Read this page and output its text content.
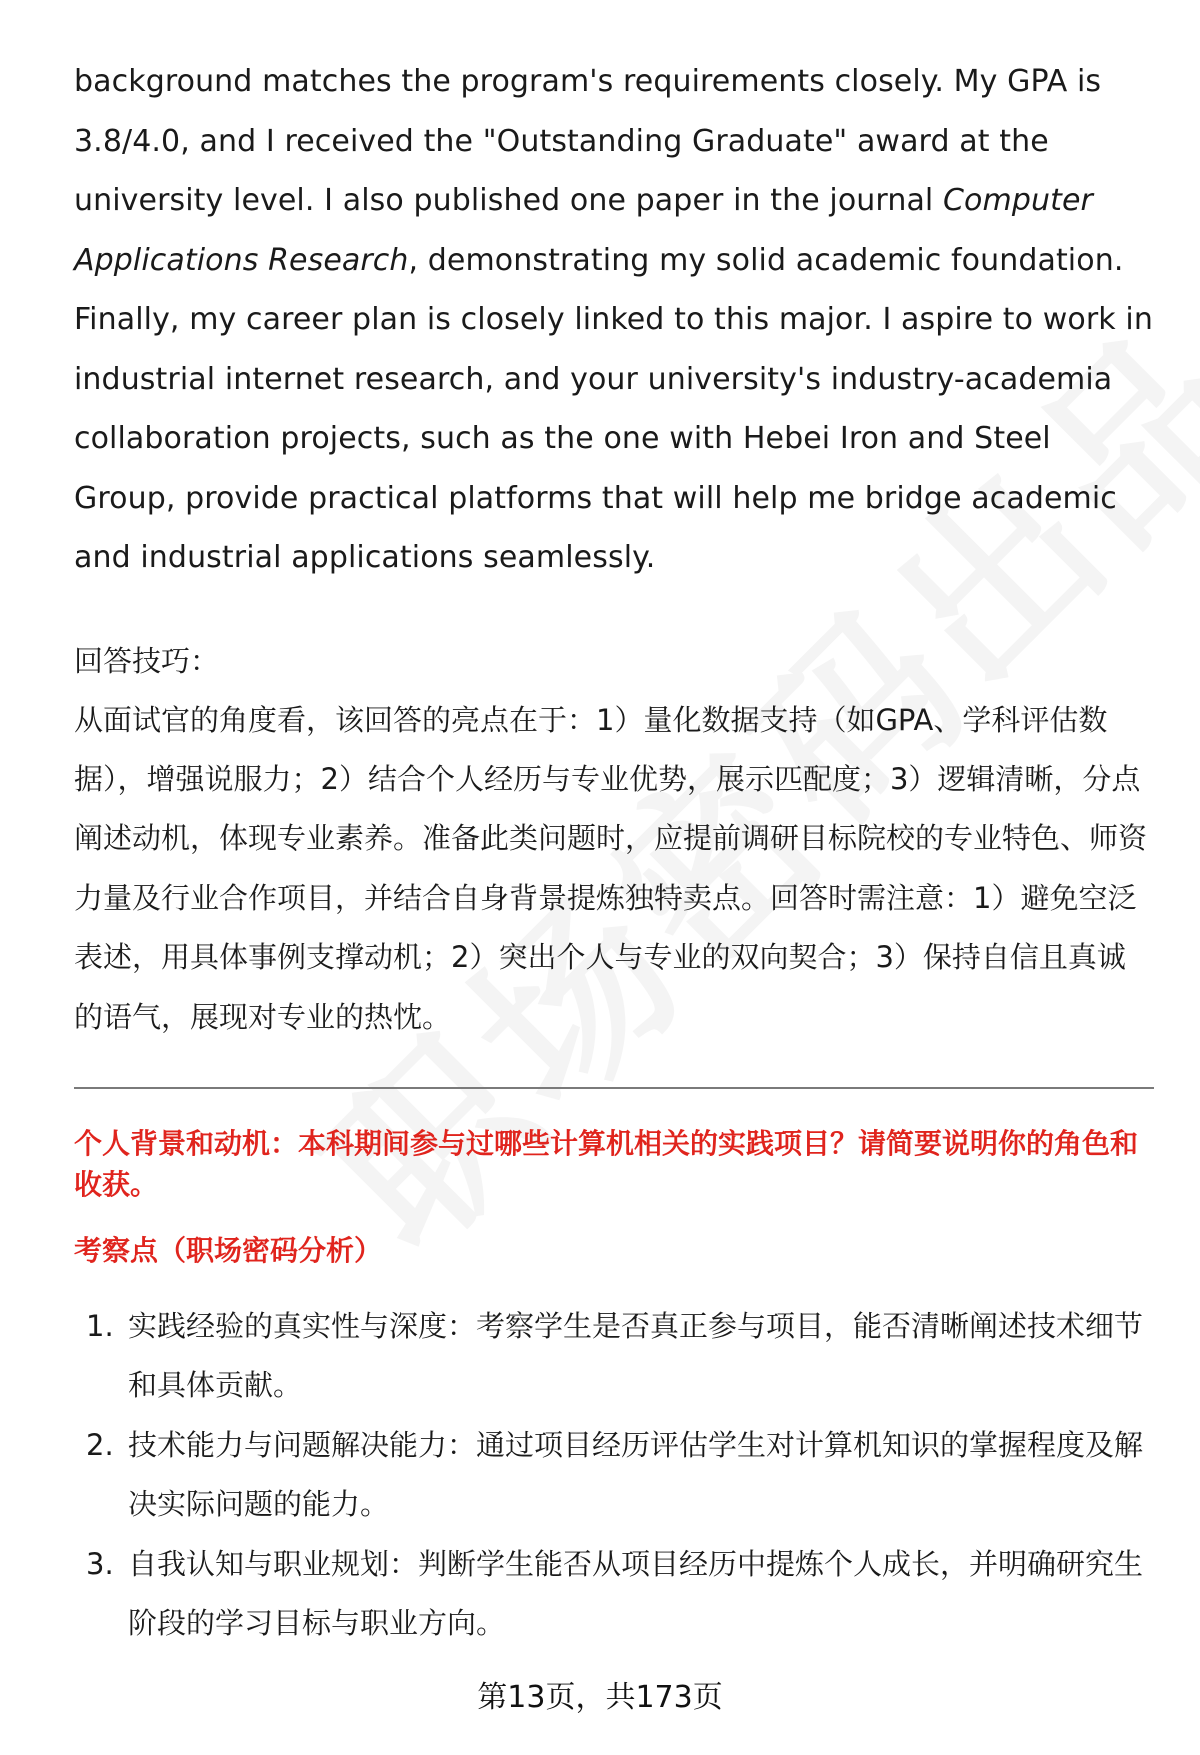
background matches the program's requirements closely. My GPA is 3.8/4.0, and I received the "Outstanding Graduate" award at the university level. I also published one paper in the journal Computer Applications Research, demonstrating my solid academic foundation. Finally, my career plan is closely linked to this major. I aspire to work in industrial internet research, and your university's industry-academia collaboration projects, such as the one with Hebei Iron and Steel Group, provide practical platforms that will help me bridge academic and industrial applications seamlessly.

回答技巧：

从面试官的角度看，该回答的亮点在于：1）量化数据支持（如GPA、学科评估数据），增强说服力；2）结合个人经历与专业优势，展示匹配度；3）逻辑清晰，分点阐述动机，体现专业素养。准备此类问题时，应提前调研目标院校的专业特色、师资力量及行业合作项目，并结合自身背景提炼独特卖点。回答时需注意：1）避免空泛表述，用具体事例支撑动机；2）突出个人与专业的双向契合；3）保持自信且真诚的语气，展现对专业的热忱。

个人背景和动机：本科期间参与过哪些计算机相关的实践项目？请简要说明你的角色和收获。

考察点（职场密码分析）

1. 实践经验的真实性与深度：考察学生是否真正参与项目，能否清晰阐述技术细节和具体贡献。
2. 技术能力与问题解决能力：通过项目经历评估学生对计算机知识的掌握程度及解决实际问题的能力。
3. 自我认知与职业规划：判断学生能否从项目经历中提炼个人成长，并明确研究生阶段的学习目标与职业方向。
第13页，共173页
